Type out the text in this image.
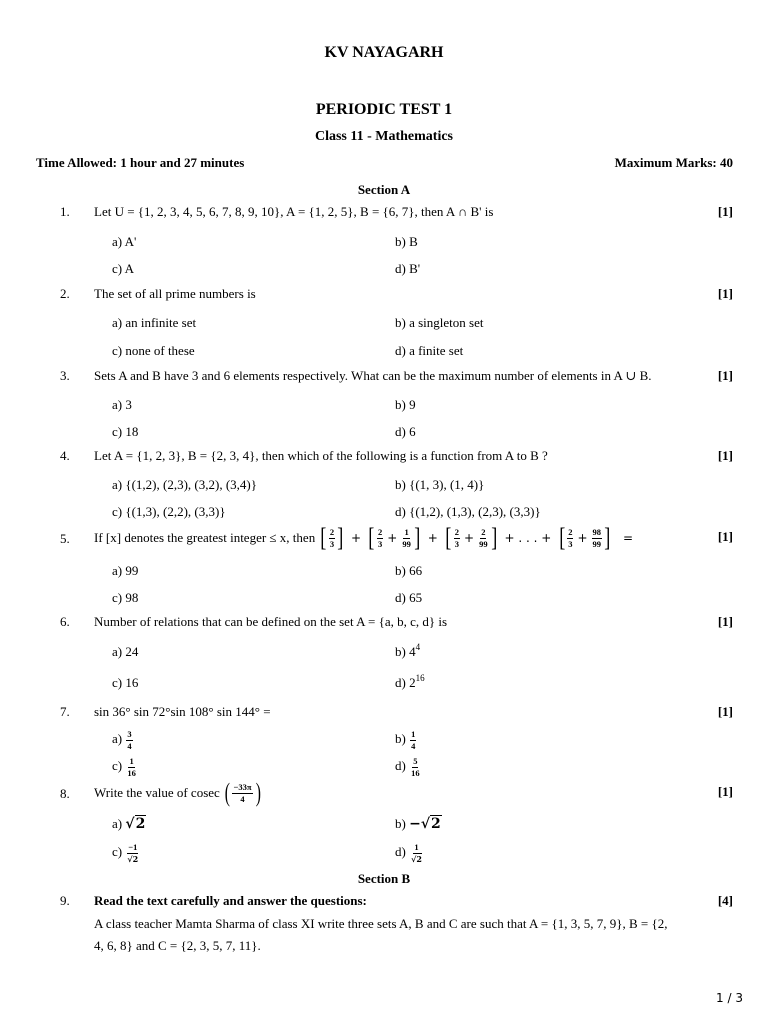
KV NAYAGARH
PERIODIC TEST 1
Class 11 - Mathematics
Time Allowed: 1 hour and 27 minutes	Maximum Marks: 40
Section A
1. Let U = {1, 2, 3, 4, 5, 6, 7, 8, 9, 10}, A = {1, 2, 5}, B = {6, 7}, then A ∩ B' is	[1]
a) A'	b) B
c) A	d) B'
2. The set of all prime numbers is	[1]
a) an infinite set	b) a singleton set
c) none of these	d) a finite set
3. Sets A and B have 3 and 6 elements respectively. What can be the maximum number of elements in A ∪ B.	[1]
a) 3	b) 9
c) 18	d) 6
4. Let A = {1, 2, 3}, B = {2, 3, 4}, then which of the following is a function from A to B ?	[1]
a) {(1,2), (2,3), (3,2), (3,4)}	b) {(1, 3), (1, 4)}
c) {(1,3), (2,2), (3,3)}	d) {(1,2), (1,3), (2,3), (3,3)}
5. If [x] denotes the greatest integer ≤ x, then [ $\frac{2}{3}$ ] + [ $\frac{2}{3} + \frac{1}{99}$ ] + [ $\frac{2}{3} + \frac{2}{99}$ ] + . . . + [ $\frac{2}{3} + \frac{98}{99}$ ] =	[1]
a) 99	b) 66
c) 98	d) 65
6. Number of relations that can be defined on the set A = {a, b, c, d} is	[1]
a) 24	b) $4^4$
c) 16	d) $2^{16}$
7. sin 36° sin 72°sin 108° sin 144° =	[1]
$a) \frac{3}{4}$	$b) \frac{1}{4}$
$c) \frac{1}{16}$	$d) \frac{5}{16}$
8. Write the value of cosec ( $\frac{-33\pi}{4}$ )	[1]
a) √2	b) −√2
$c) \frac{-1}{√2}$	$d) \frac{1}{√2}$
Section B
9. Read the text carefully and answer the questions:	[4]
A class teacher Mamta Sharma of class XI write three sets A, B and C are such that A = {1, 3, 5, 7, 9}, B = {2,
4, 6, 8} and C = {2, 3, 5, 7, 11}.
1 / 3
